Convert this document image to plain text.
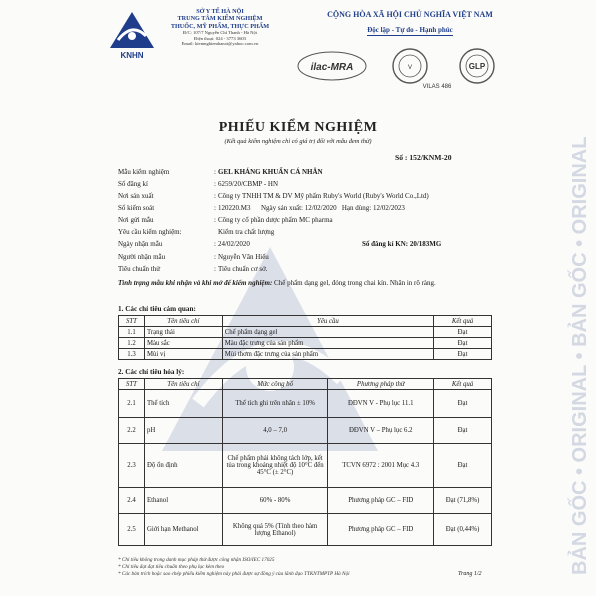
BẢN GỐC • ORIGINAL • BẢN GỐC • ORIGINAL
KNHN
SỞ Y TẾ HÀ NỘI
TRUNG TÂM KIỂM NGHIỆM
THUỐC, MỸ PHẨM, THỰC PHẨM
Đ/C: 107/7 Nguyễn Chí Thanh - Hà Nội
Điện thoại: 024 - 3773 3603
Email: kiemnghiemhanoi@yahoo.com.vn
CỘNG HÒA XÃ HỘI CHỦ NGHĨA VIỆT NAM
Độc lập - Tự do - Hạnh phúc
ilac-MRA	V
VILAS 486
GLP
PHIẾU KIỂM NGHIỆM
(Kết quả kiểm nghiệm chỉ có giá trị đối với mẫu đem thử)
Số : 152/KNM-20
Mẫu kiểm nghiệm	: GEL KHÁNG KHUẨN CÁ NHÂN
Số đăng kí	: 6259/20/CBMP - HN
Nơi sản xuất	: Công ty TNHH TM & DV Mỹ phẩm Ruby's World (Ruby's World Co.,Ltd)
Số kiểm soát	: 120220.M3      Ngày sản xuất: 12/02/2020   Hạn dùng: 12/02/2023
Nơi gửi mẫu	: Công ty cổ phần dược phẩm MC pharma
Yêu cầu kiểm nghiệm:	Kiểm tra chất lượng
Ngày nhận mẫu	: 24/02/2020	Số đăng kí KN: 20/183MG
Người nhận mẫu	: Nguyễn Văn Hiếu
Tiêu chuẩn thử	: Tiêu chuẩn cơ sở.
Tình trạng mẫu khi nhận và khi mở để kiểm nghiệm: Chế phẩm dạng gel, đóng trong chai kín. Nhãn in rõ ràng.
1. Các chỉ tiêu cảm quan:
STT	Tên tiêu chí	Yêu cầu	Kết quả
1.1	Trạng thái	Chế phẩm dạng gel	Đạt
1.2	Màu sắc	Màu đặc trưng của sản phẩm	Đạt
1.3	Mùi vị	Mùi thơm đặc trưng của sản phẩm	Đạt
2. Các chỉ tiêu hóa lý:
STT	Tên tiêu chí	Mức công bố	Phương pháp thử	Kết quả
2.1	Thể tích	Thể tích ghi trên nhãn ± 10%	ĐĐVN V - Phụ lục 11.1	Đạt
2.2	pH	4,0 – 7,0	ĐĐVN V – Phụ lục 6.2	Đạt
2.3	Độ ổn định	Chế phẩm phải không tách lớp, kết tủa trong khoảng nhiệt độ 10°C đến 45°C (± 2°C)	TCVN 6972 : 2001 Mục 4.3	Đạt
2.4	Ethanol	60% - 80%	Phương pháp GC – FID	Đạt (71,8%)
2.5	Giới hạn Methanol	Không quá 5% (Tính theo hàm lượng Ethanol)	Phương pháp GC – FID	Đạt (0,44%)
* Chỉ tiêu không trong danh mục pháp thử được công nhận ISO/IEC 17025
* Chỉ tiêu đạt đạt tiêu chuẩn theo phụ lục kèm theo
* Các bản trích hoặc sao chép phiếu kiểm nghiệm này phải được sự đồng ý của lãnh đạo TTKNTMPTP Hà Nội	Trang 1/2
